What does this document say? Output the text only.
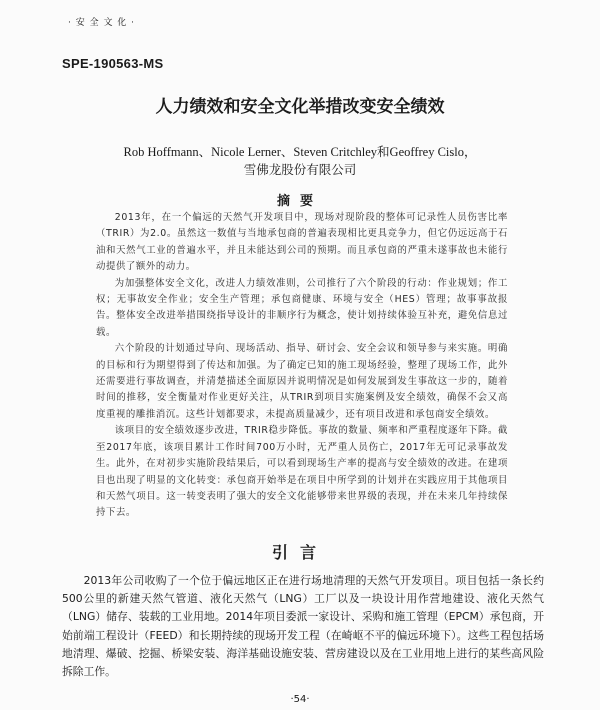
· 安 全 文 化 ·
SPE-190563-MS
人力绩效和安全文化举措改变安全绩效
Rob Hoffmann、Nicole Lerner、Steven Critchley和Geoffrey Cislo，
雪佛龙股份有限公司
摘要

2013年，在一个偏远的天然气开发项目中，现场对现阶段的整体可记录性人员伤害比率（TRIR）为2.0。虽然这一数值与当地承包商的普遍表现相比更具竞争力，但它仍远远高于石油和天然气工业的普遍水平，并且未能达到公司的预期。而且承包商的严重未遂事故也未能行动提供了额外的动力。

为加强整体安全文化，改进人力绩效准则，公司推行了六个阶段的行动：作业规划；作工权；无事故安全作业；安全生产管理；承包商健康、环境与安全（HES）管理；故事事故报告。整体安全改进举措围绕指导设计的非顺序行为概念，使计划持续体验互补充，避免信息过载。

六个阶段的计划通过导向、现场活动、指导、研讨会、安全会议和领导参与来实施。明确的目标和行为期望得到了传达和加强。为了确定已知的施工现场经验，整理了现场工作，此外还需要进行事故调查，并清楚描述全面原因并说明情况是如何发展到发生事故这一步的，随着时间的推移，安全衡量对作业更好关注，从TRIR到项目实施案例及安全绩效，确保不会又高度重视的雕推消沉。这些计划都要求，未提高质量减少，还有项目改进和承包商安全绩效。

该项目的安全绩效逐步改进，TRIR稳步降低。事故的数量、频率和严重程度逐年下降。截至2017年底，该项目累计工作时间700万小时，无严重人员伤亡，2017年无可记录事故发生。此外，在对初步实施阶段结果后，可以看到现场生产率的提高与安全绩效的改进。在建项目也出现了明显的文化转变：承包商开始举是在项目中所学到的计划并在实践应用于其他项目和天然气项目。这一转变表明了强大的安全文化能够带来世界级的表现，并在未来几年持续保持下去。

引言

2013年公司收购了一个位于偏远地区正在进行场地清理的天然气开发项目。项目包括一条长约500公里的新建天然气管道、液化天然气（LNG）工厂以及一块设计用作营地建设、液化天然气（LNG）储存、装载的工业用地。2014年项目委派一家设计、采购和施工管理（EPCM）承包商，开始前端工程设计（FEED）和长期持续的现场开发工程（在崎岖不平的偏远环境下）。这些工程包括场地清理、爆破、挖掘、桥梁安装、海洋基础设施安装、营房建设以及在工业用地上进行的某些高风险拆除工作。

·54·
